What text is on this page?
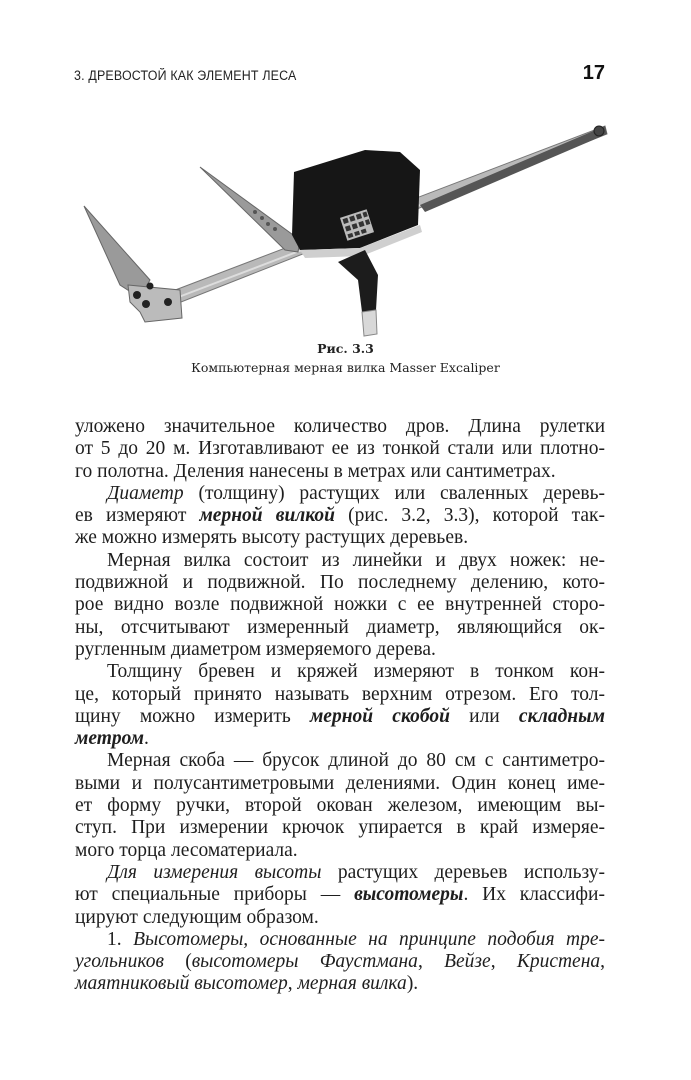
3. ДРЕВОСТОЙ КАК ЭЛЕМЕНТ ЛЕСА	17
Рис. 3.3
Компьютерная мерная вилка Masser Excaliper
уложено значительное количество дров. Длина рулетки
от 5 до 20 м. Изготавливают ее из тонкой стали или плотно-
го полотна. Деления нанесены в метрах или сантиметрах.
Диаметр (толщину) растущих или сваленных деревь-
ев измеряют мерной вилкой (рис. 3.2, 3.3), которой так-
же можно измерять высоту растущих деревьев.
Мерная вилка состоит из линейки и двух ножек: не-
подвижной и подвижной. По последнему делению, кото-
рое видно возле подвижной ножки с ее внутренней сторо-
ны, отсчитывают измеренный диаметр, являющийся ок-
ругленным диаметром измеряемого дерева.
Толщину бревен и кряжей измеряют в тонком кон-
це, который принято называть верхним отрезом. Его тол-
щину можно измерить мерной скобой или складным
метром.
Мерная скоба — брусок длиной до 80 см с сантиметро-
выми и полусантиметровыми делениями. Один конец име-
ет форму ручки, второй окован железом, имеющим вы-
ступ. При измерении крючок упирается в край измеряе-
мого торца лесоматериала.
Для измерения высоты растущих деревьев использу-
ют специальные приборы — высотомеры. Их классифи-
цируют следующим образом.
1. Высотомеры, основанные на принципе подобия тре-
угольников (высотомеры Фаустмана, Вейзе, Кристена,
маятниковый высотомер, мерная вилка).
